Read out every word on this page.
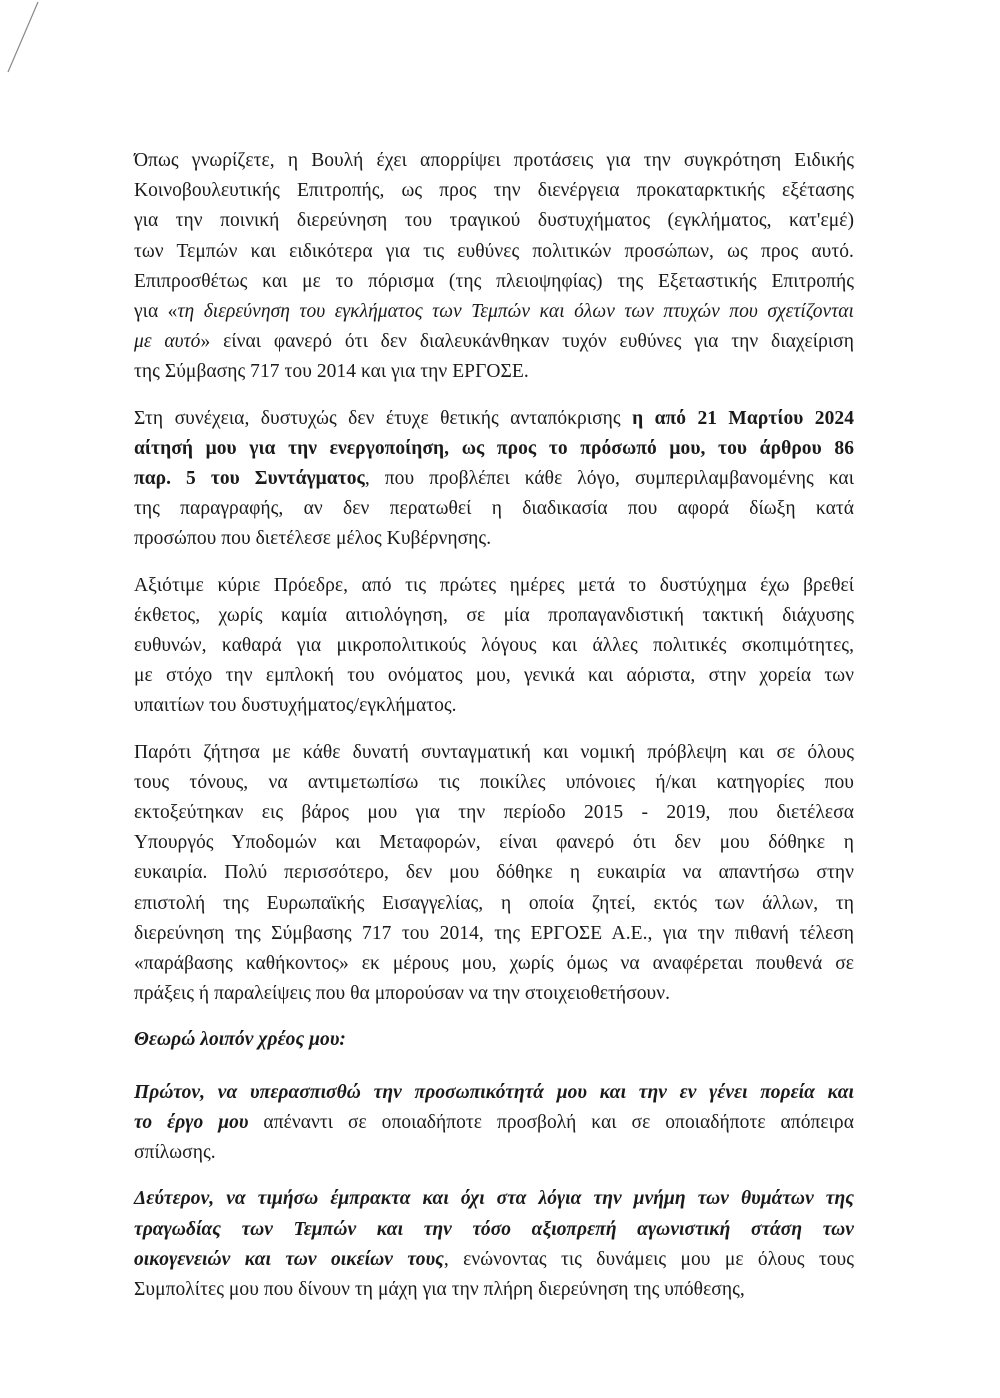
Όπως γνωρίζετε, η Βουλή έχει απορρίψει προτάσεις για την συγκρότηση Ειδικής
Κοινοβουλευτικής Επιτροπής, ως προς την διενέργεια προκαταρκτικής εξέτασης
για την ποινική διερεύνηση του τραγικού δυστυχήματος (εγκλήματος, κατ'εμέ)
των Τεμπών και ειδικότερα για τις ευθύνες πολιτικών προσώπων, ως προς αυτό.
Επιπροσθέτως και με το πόρισμα (της πλειοψηφίας) της Εξεταστικής Επιτροπής
για «τη διερεύνηση του εγκλήματος των Τεμπών και όλων των πτυχών που σχετίζονται
με αυτό» είναι φανερό ότι δεν διαλευκάνθηκαν τυχόν ευθύνες για την διαχείριση
της Σύμβασης 717 του 2014 και για την ΕΡΓΟΣΕ.
Στη συνέχεια, δυστυχώς δεν έτυχε θετικής ανταπόκρισης η από 21 Μαρτίου 2024
αίτησή μου για την ενεργοποίηση, ως προς το πρόσωπό μου, του άρθρου 86
παρ. 5 του Συντάγματος, που προβλέπει κάθε λόγο, συμπεριλαμβανομένης και
της παραγραφής, αν δεν περατωθεί η διαδικασία που αφορά δίωξη κατά
προσώπου που διετέλεσε μέλος Κυβέρνησης.
Αξιότιμε κύριε Πρόεδρε, από τις πρώτες ημέρες μετά το δυστύχημα έχω βρεθεί
έκθετος, χωρίς καμία αιτιολόγηση, σε μία προπαγανδιστική τακτική διάχυσης
ευθυνών, καθαρά για μικροπολιτικούς λόγους και άλλες πολιτικές σκοπιμότητες,
με στόχο την εμπλοκή του ονόματος μου, γενικά και αόριστα, στην χορεία των
υπαιτίων του δυστυχήματος/εγκλήματος.
Παρότι ζήτησα με κάθε δυνατή συνταγματική και νομική πρόβλεψη και σε όλους
τους τόνους, να αντιμετωπίσω τις ποικίλες υπόνοιες ή/και κατηγορίες που
εκτοξεύτηκαν εις βάρος μου για την περίοδο 2015 - 2019, που διετέλεσα
Υπουργός Υποδομών και Μεταφορών, είναι φανερό ότι δεν μου δόθηκε η
ευκαιρία. Πολύ περισσότερο, δεν μου δόθηκε η ευκαιρία να απαντήσω στην
επιστολή της Ευρωπαϊκής Εισαγγελίας, η οποία ζητεί, εκτός των άλλων, τη
διερεύνηση της Σύμβασης 717 του 2014, της ΕΡΓΟΣΕ Α.Ε., για την πιθανή τέλεση
«παράβασης καθήκοντος» εκ μέρους μου, χωρίς όμως να αναφέρεται πουθενά σε
πράξεις ή παραλείψεις που θα μπορούσαν να την στοιχειοθετήσουν.
Θεωρώ λοιπόν χρέος μου:
Πρώτον, να υπερασπισθώ την προσωπικότητά μου και την εν γένει πορεία και
το έργο μου απέναντι σε οποιαδήποτε προσβολή και σε οποιαδήποτε απόπειρα
σπίλωσης.
Δεύτερον, να τιμήσω έμπρακτα και όχι στα λόγια την μνήμη των θυμάτων της
τραγωδίας των Τεμπών και την τόσο αξιοπρεπή αγωνιστική στάση των
οικογενειών και των οικείων τους, ενώνοντας τις δυνάμεις μου με όλους τους
Συμπολίτες μου που δίνουν τη μάχη για την πλήρη διερεύνηση της υπόθεσης,
